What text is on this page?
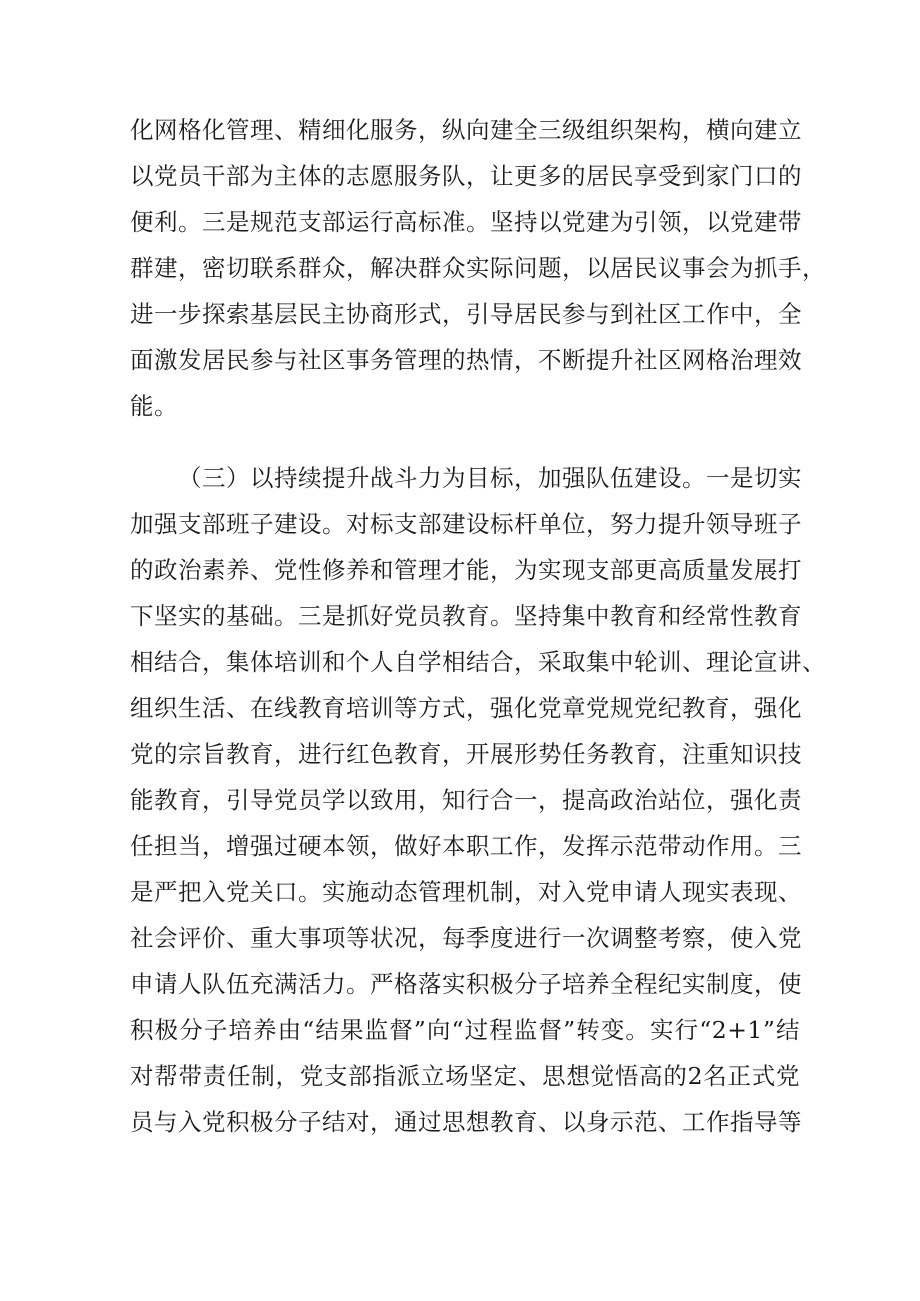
化网格化管理、精细化服务，纵向建全三级组织架构，横向建立
以党员干部为主体的志愿服务队，让更多的居民享受到家门口的
便利。三是规范支部运行高标准。坚持以党建为引领，以党建带
群建，密切联系群众，解决群众实际问题，以居民议事会为抓手，
进一步探索基层民主协商形式，引导居民参与到社区工作中，全
面激发居民参与社区事务管理的热情，不断提升社区网格治理效
能。
（三）以持续提升战斗力为目标，加强队伍建设。一是切实
加强支部班子建设。对标支部建设标杆单位，努力提升领导班子
的政治素养、党性修养和管理才能，为实现支部更高质量发展打
下坚实的基础。三是抓好党员教育。坚持集中教育和经常性教育
相结合，集体培训和个人自学相结合，采取集中轮训、理论宣讲、
组织生活、在线教育培训等方式，强化党章党规党纪教育，强化
党的宗旨教育，进行红色教育，开展形势任务教育，注重知识技
能教育，引导党员学以致用，知行合一，提高政治站位，强化责
任担当，增强过硬本领，做好本职工作，发挥示范带动作用。三
是严把入党关口。实施动态管理机制，对入党申请人现实表现、
社会评价、重大事项等状况，每季度进行一次调整考察，使入党
申请人队伍充满活力。严格落实积极分子培养全程纪实制度，使
积极分子培养由“结果监督”向“过程监督”转变。实行“2+1”结
对帮带责任制，党支部指派立场坚定、思想觉悟高的2名正式党
员与入党积极分子结对，通过思想教育、以身示范、工作指导等
